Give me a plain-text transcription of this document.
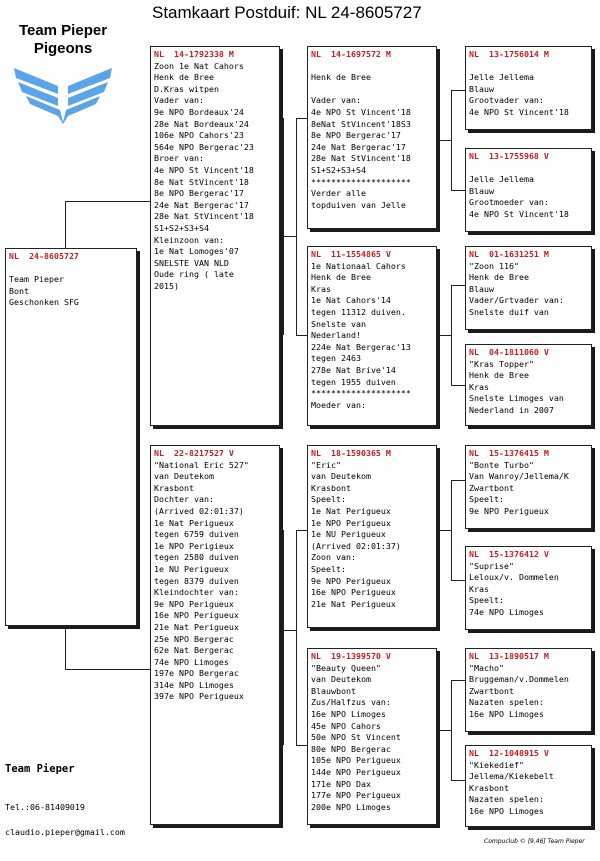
Stamkaart Postduif: NL 24-8605727
Team Pieper
Pigeons
NL  24-8605727

Team Pieper
Bont
Geschonken SFG
NL  14-1792338 M
Zoon 1e Nat Cahors
Henk de Bree
D.Kras witpen
Vader van:
9e NPO Bordeaux'24
28e Nat Bordeaux'24
106e NPO Cahors'23
564e NPO Bergerac'23
Broer van:
4e NPO St Vincent'18
8e Nat StVincent'18
8e NPO Bergerac'17
24e Nat Bergerac'17
28e Nat StVincent'18
S1+S2+S3+S4
Kleinzoon van:
1e Nat Lomoges'07
SNELSTE VAN NLD
Oude ring ( late
2015)
NL  22-8217527 V
"National Eric 527"
van Deutekom
Krasbont
Dochter van:
(Arrived 02:01:37)
1e Nat Perigueux
tegen 6759 duiven
1e NPO Perigieux
tegen 2580 duiven
1e NU Perigueux
tegen 8379 duiven
Kleindochter van:
9e NPO Perigueux
16e NPO Perigueux
21e Nat Perigueux
25e NPO Bergerac
62e Nat Bergerac
74e NPO Limoges
197e NPO Bergerac
314e NPO Limoges
397e NPO Perigueux
NL  14-1697572 M

Henk de Bree

Vader van:
4e NPO St Vincent'18
8eNat StVincent'18S3
8e NPO Bergerac'17
24e Nat Bergerac'17
28e Nat StVincent'18
S1+S2+S3+S4
********************
Verder alle
topduiven van Jelle
NL  11-1554865 V
1e Nationaal Cahors
Henk de Bree
Kras
1e Nat Cahors'14
tegen 11312 duiven.
Snelste van
Nederland!
224e Nat Bergerac'13
tegen 2463
278e Nat Brive'14
tegen 1955 duiven
********************
Moeder van:
NL  18-1590365 M
"Eric"
van Deutekom
Krasbont
Speelt:
1e Nat Perigueux
1e NPO Perigueux
1e NU Perigueux
(Arrived 02:01:37)
Zoon van:
Speelt:
9e NPO Perigueux
16e NPO Perigueux
21e Nat Perigueux
NL  19-1399570 V
"Beauty Queen"
van Deutekom
Blauwbont
Zus/Halfzus van:
16e NPO Limoges
45e NPO Cahors
50e NPO St Vincent
80e NPO Bergerac
105e NPO Perigueux
144e NPO Perigueux
171e NPO Dax
177e NPO Perigueux
200e NPO Limoges
NL  13-1756014 M

Jelle Jellema
Blauw
Grootvader van:
4e NPO St Vincent'18
NL  13-1755968 V

Jelle Jellema
Blauw
Grootmoeder van:
4e NPO St Vincent'18
NL  01-1631251 M
"Zoon 116"
Henk de Bree
Blauw
Vader/Grtvader van:
Snelste duif van
NL  04-1811060 V
"Kras Topper"
Henk de Bree
Kras
Snelste Limoges van
Nederland in 2007
NL  15-1376415 M
"Bonte Turbo"
Van Wanroy/Jellema/K
Zwartbont
Speelt:
9e NPO Perigueux
NL  15-1376412 V
"Suprise"
Leloux/v. Dommelen
Kras
Speelt:
74e NPO Limoges
NL  13-1890517 M
"Macho"
Bruggeman/v.Dommelen
Zwartbont
Nazaten spelen:
16e NPO Limoges
NL  12-1048915 V
"Kiekedief"
Jellema/Kiekebelt
Krasbont
Nazaten spelen:
16e NPO Limoges
Team Pieper
Tel.:06-81409019
claudio.pieper@gmail.com
Compuclub © [9.46] Team Pieper
